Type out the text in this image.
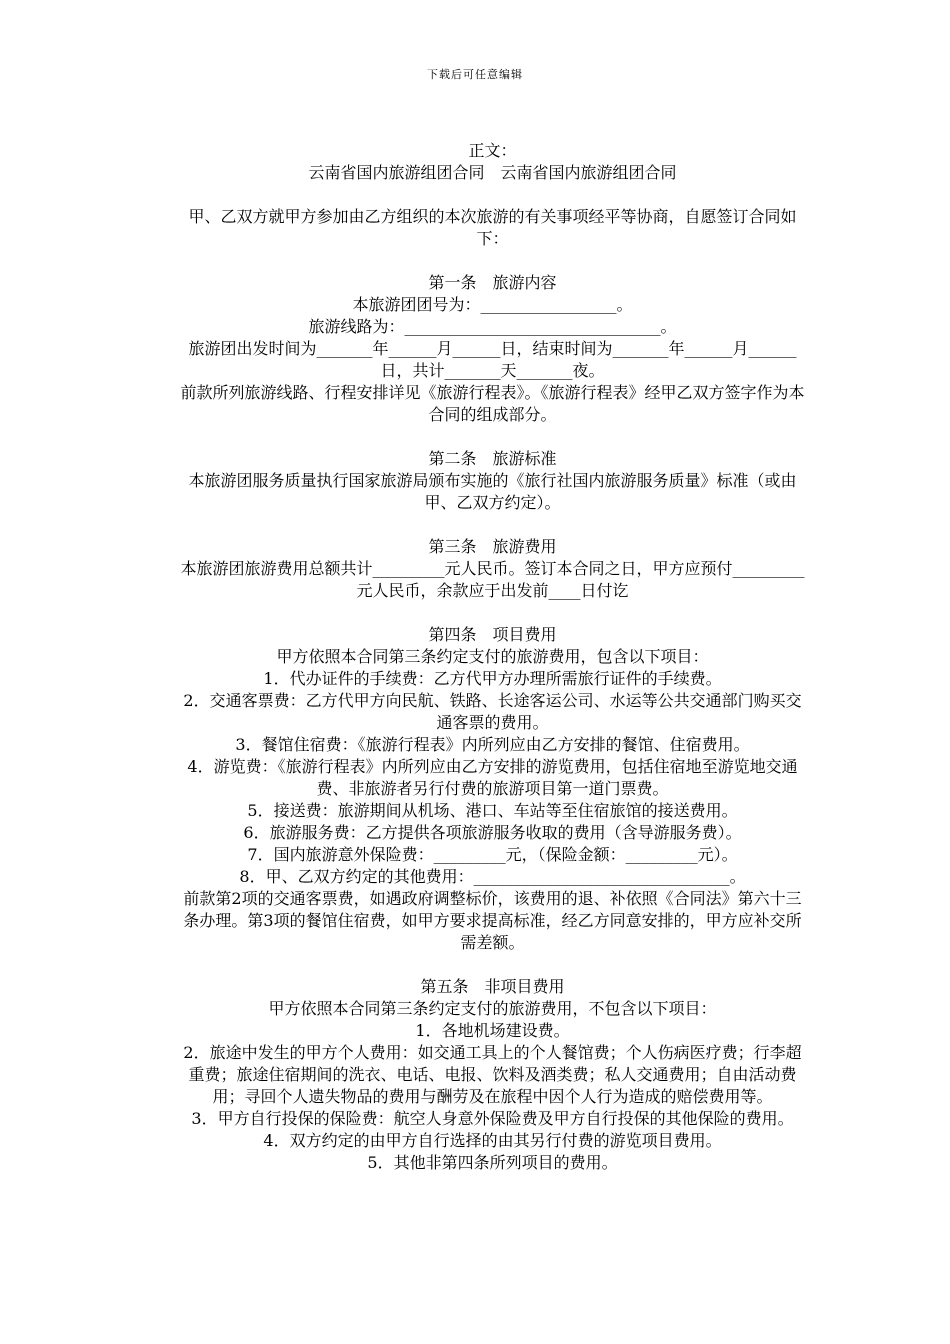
下载后可任意编辑

正文：

云南省国内旅游组团合同　云南省国内旅游组团合同

甲、乙双方就甲方参加由乙方组织的本次旅游的有关事项经平等协商，自愿签订合同如下：

第一条　旅游内容

本旅游团团号为：_________________。

旅游线路为：________________________________。

旅游团出发时间为_______年______月______日，结束时间为_______年______月______日，共计_______天_______夜。

前款所列旅游线路、行程安排详见《旅游行程表》。《旅游行程表》经甲乙双方签字作为本合同的组成部分。

第二条　旅游标准

本旅游团服务质量执行国家旅游局颁布实施的《旅行社国内旅游服务质量》标准（或由甲、乙双方约定）。

第三条　旅游费用

本旅游团旅游费用总额共计_________元人民币。签订本合同之日，甲方应预付_________元人民币，余款应于出发前____日付讫

第四条　项目费用

甲方依照本合同第三条约定支付的旅游费用，包含以下项目：

1．代办证件的手续费：乙方代甲方办理所需旅行证件的手续费。

2．交通客票费：乙方代甲方向民航、铁路、长途客运公司、水运等公共交通部门购买交通客票的费用。

3．餐馆住宿费：《旅游行程表》内所列应由乙方安排的餐馆、住宿费用。

4．游览费：《旅游行程表》内所列应由乙方安排的游览费用，包括住宿地至游览地交通费、非旅游者另行付费的旅游项目第一道门票费。

5．接送费：旅游期间从机场、港口、车站等至住宿旅馆的接送费用。

6．旅游服务费：乙方提供各项旅游服务收取的费用（含导游服务费）。

7．国内旅游意外保险费：_________元，（保险金额：_________元）。

8．甲、乙双方约定的其他费用：________________________________。

前款第2项的交通客票费，如遇政府调整标价，该费用的退、补依照《合同法》第六十三条办理。第3项的餐馆住宿费，如甲方要求提高标准，经乙方同意安排的，甲方应补交所需差额。

第五条　非项目费用

甲方依照本合同第三条约定支付的旅游费用，不包含以下项目：

1．各地机场建设费。

2．旅途中发生的甲方个人费用：如交通工具上的个人餐馆费；个人伤病医疗费；行李超重费；旅途住宿期间的洗衣、电话、电报、饮料及酒类费；私人交通费用；自由活动费用；寻回个人遗失物品的费用与酬劳及在旅程中因个人行为造成的赔偿费用等。

3．甲方自行投保的保险费：航空人身意外保险费及甲方自行投保的其他保险的费用。

4．双方约定的由甲方自行选择的由其另行付费的游览项目费用。

5．其他非第四条所列项目的费用。
